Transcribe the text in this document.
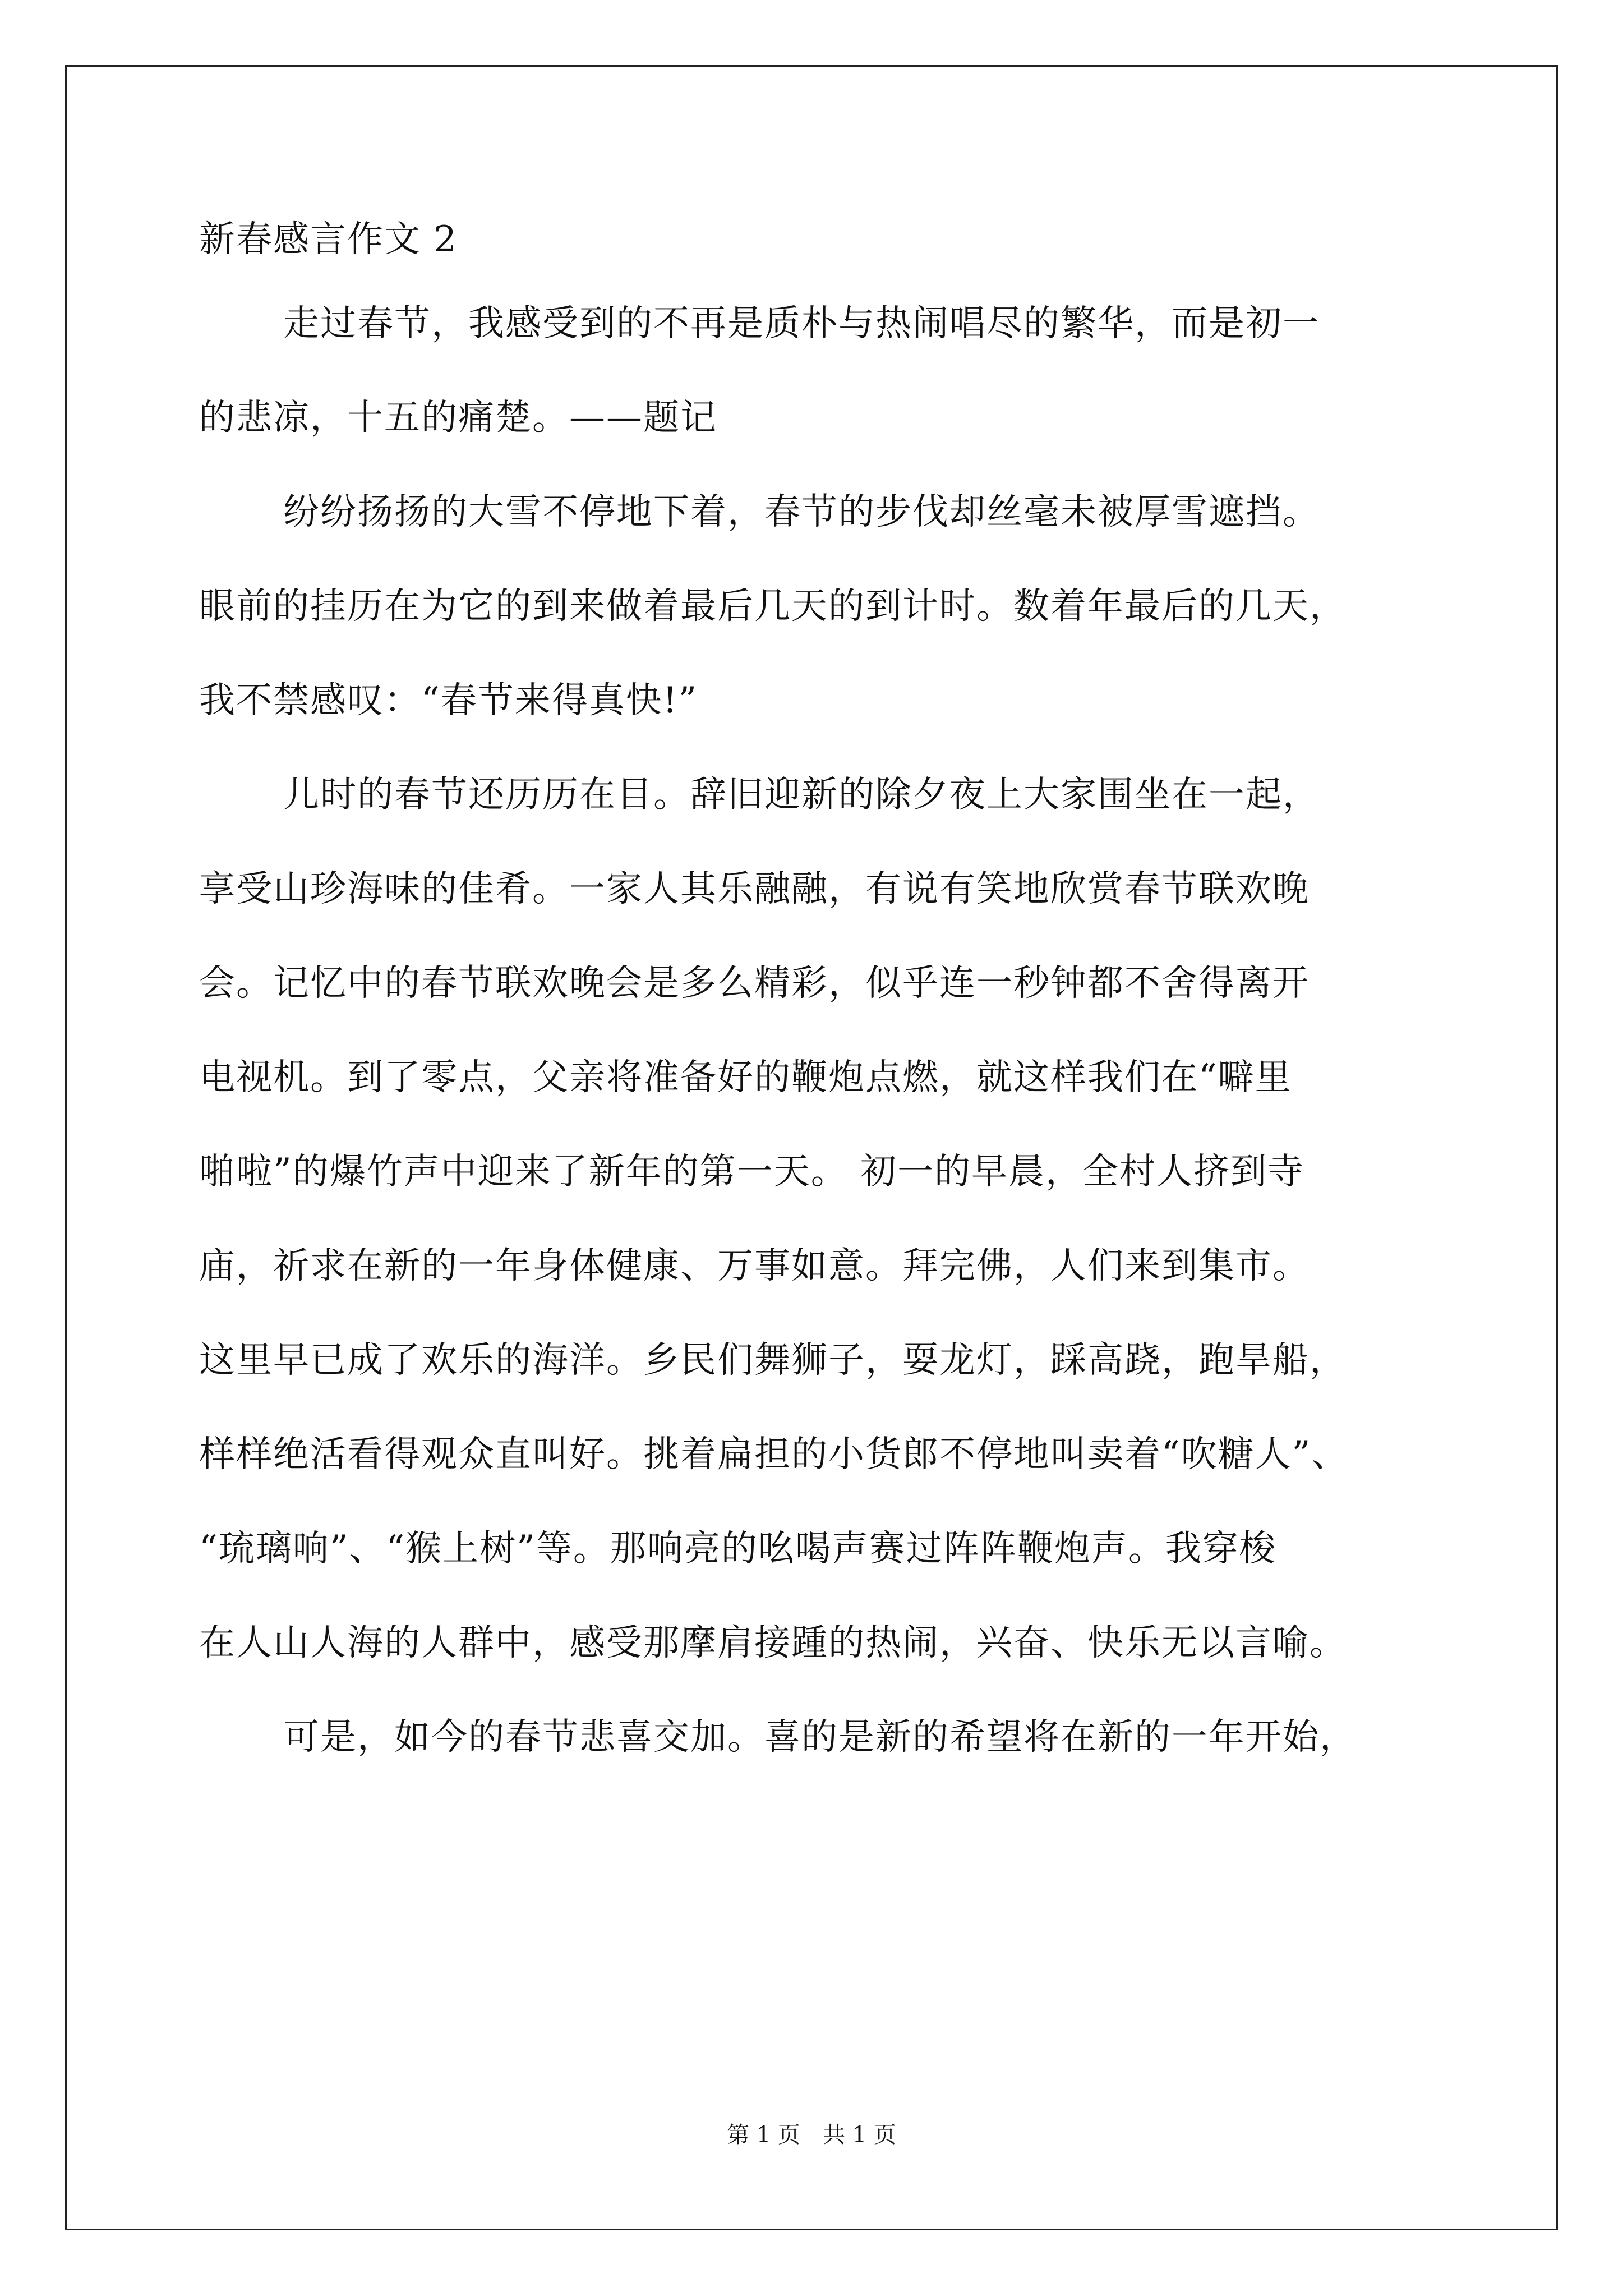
新春感言作文 2
走过春节，我感受到的不再是质朴与热闹唱尽的繁华，而是初一
的悲凉，十五的痛楚。——题记
纷纷扬扬的大雪不停地下着，春节的步伐却丝毫未被厚雪遮挡。
眼前的挂历在为它的到来做着最后几天的到计时。数着年最后的几天，
我不禁感叹：“春节来得真快!”
儿时的春节还历历在目。辞旧迎新的除夕夜上大家围坐在一起，
享受山珍海味的佳肴。一家人其乐融融，有说有笑地欣赏春节联欢晚
会。记忆中的春节联欢晚会是多么精彩，似乎连一秒钟都不舍得离开
电视机。到了零点，父亲将准备好的鞭炮点燃，就这样我们在“噼里
啪啦”的爆竹声中迎来了新年的第一天。 初一的早晨，全村人挤到寺
庙，祈求在新的一年身体健康、万事如意。拜完佛，人们来到集市。
这里早已成了欢乐的海洋。乡民们舞狮子，耍龙灯，踩高跷，跑旱船，
样样绝活看得观众直叫好。挑着扁担的小货郎不停地叫卖着“吹糖人”、
“琉璃响”、“猴上树”等。那响亮的吆喝声赛过阵阵鞭炮声。我穿梭
在人山人海的人群中，感受那摩肩接踵的热闹，兴奋、快乐无以言喻。
可是，如今的春节悲喜交加。喜的是新的希望将在新的一年开始，
第 1 页　共 1 页
